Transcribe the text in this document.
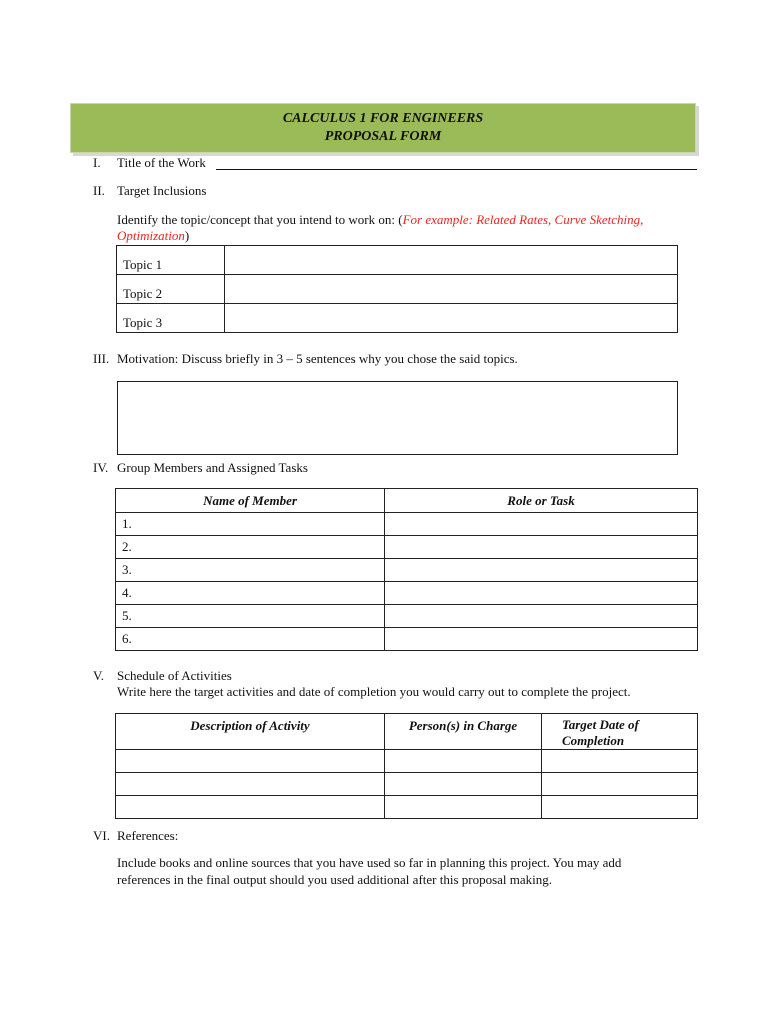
CALCULUS 1 FOR ENGINEERS
PROPOSAL FORM
I. Title of the Work
II. Target Inclusions
Identify the topic/concept that you intend to work on: (For example: Related Rates, Curve Sketching,
Optimization)
Topic 1	
Topic 2	
Topic 3	
III. Motivation: Discuss briefly in 3 – 5 sentences why you chose the said topics.
IV. Group Members and Assigned Tasks
Name of Member	Role or Task
1.	
2.	
3.	
4.	
5.	
6.	
V. Schedule of Activities
Write here the target activities and date of completion you would carry out to complete the project.
Description of Activity	Person(s) in Charge	Target Date of
Completion

VI. References:
Include books and online sources that you have used so far in planning this project. You may add
references in the final output should you used additional after this proposal making.
